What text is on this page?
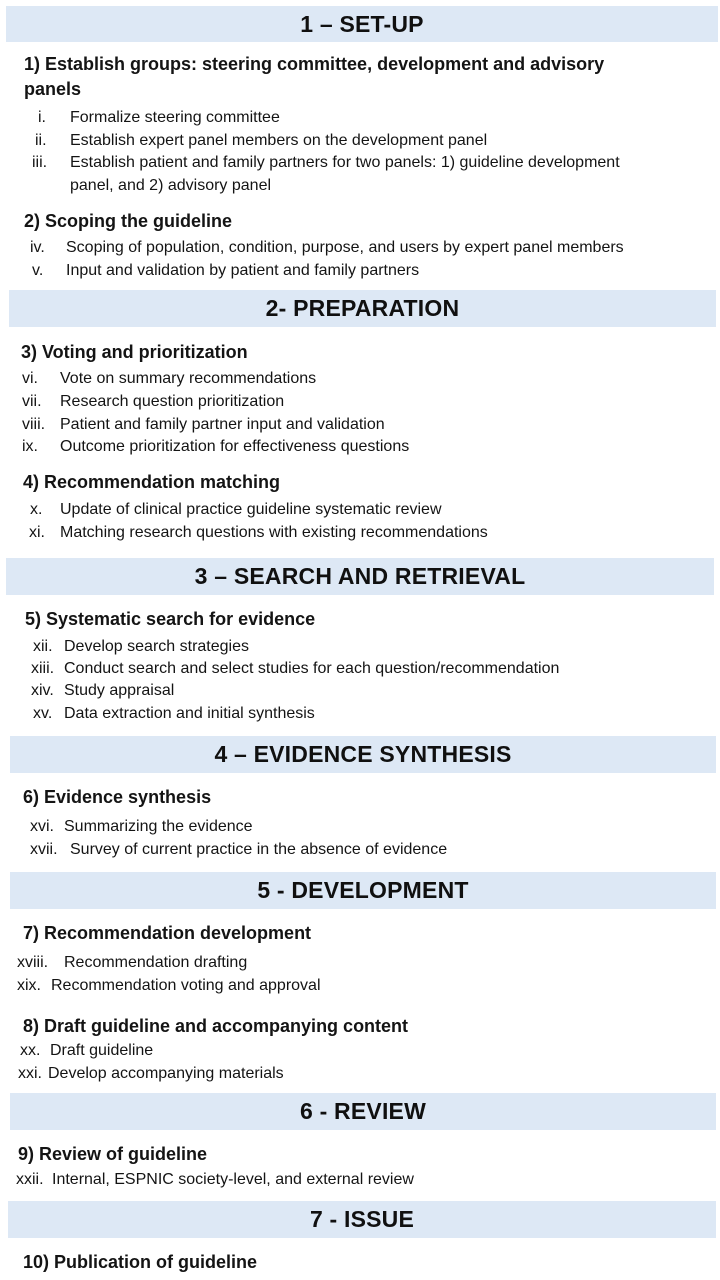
1 – SET-UP
2- PREPARATION
3 – SEARCH AND RETRIEVAL
4 – EVIDENCE SYNTHESIS
5 - DEVELOPMENT
6 - REVIEW
7 - ISSUE
1) Establish groups: steering committee, development and advisory
panels
i. Formalize steering committee
ii. Establish expert panel members on the development panel
iii. Establish patient and family partners for two panels: 1) guideline development
panel, and 2) advisory panel
2) Scoping the guideline
iv. Scoping of population, condition, purpose, and users by expert panel members
v. Input and validation by patient and family partners
3) Voting and prioritization
vi. Vote on summary recommendations
vii. Research question prioritization
viii. Patient and family partner input and validation
ix. Outcome prioritization for effectiveness questions
4) Recommendation matching
x. Update of clinical practice guideline systematic review
xi. Matching research questions with existing recommendations
5) Systematic search for evidence
xii. Develop search strategies
xiii. Conduct search and select studies for each question/recommendation
xiv. Study appraisal
xv. Data extraction and initial synthesis
6) Evidence synthesis
xvi. Summarizing the evidence
xvii. Survey of current practice in the absence of evidence
7) Recommendation development
xviii. Recommendation drafting
xix. Recommendation voting and approval
8) Draft guideline and accompanying content
xx. Draft guideline
xxi. Develop accompanying materials
9) Review of guideline
xxii. Internal, ESPNIC society-level, and external review
10) Publication of guideline
